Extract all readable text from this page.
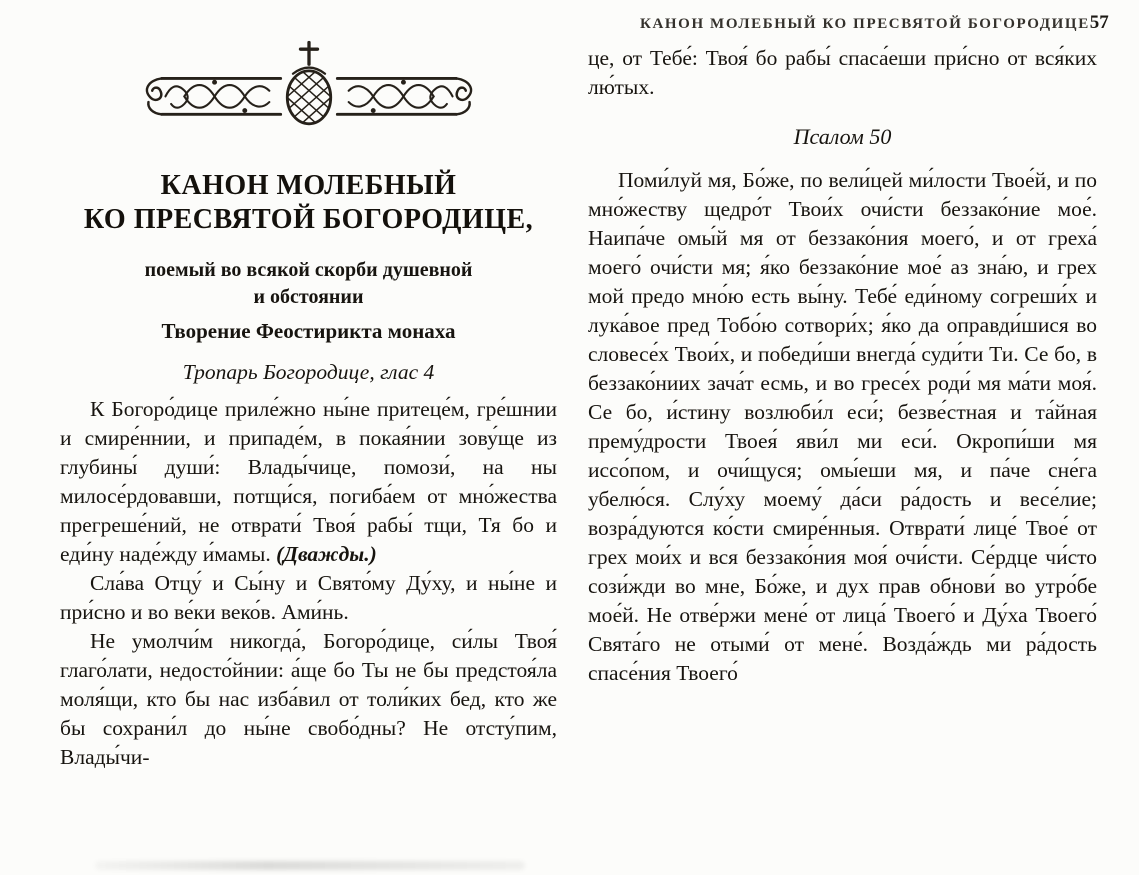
КАНОН МОЛЕБНЫЙ КО ПРЕСВЯТОЙ БОГОРОДИЦЕ 57
КАНОН МОЛЕБНЫЙ
КО ПРЕСВЯТОЙ БОГОРОДИЦЕ,
поемый во всякой скорби душевной
и обстоянии
Творение Феостирикта монаха
Тропарь Богородице, глас 4

К Богоро́дице приле́жно ны́не притеце́м, гре́шнии и смире́ннии, и припаде́м, в покая́нии зову́ще из глубины́ души́: Влады́чице, помози́, на ны милосе́рдовавши, потщи́ся, погиба́ем от мно́жества прегреше́ний, не отврати́ Твоя́ рабы́ тщи, Тя бо и еди́ну наде́жду и́мамы. (Дважды.)

Сла́ва Отцу́ и Сы́ну и Свято́му Ду́ху, и ны́не и при́сно и во ве́ки веко́в. Ами́нь.

Не умолчи́м никогда́, Богоро́дице, си́лы Твоя́ глаго́лати, недосто́йнии: а́ще бо Ты не бы предстоя́ла моля́щи, кто бы нас изба́вил от толи́ких бед, кто же бы сохрани́л до ны́не свобо́дны? Не отсту́пим, Влады́чи-

це, от Тебе́: Твоя́ бо рабы́ спаса́еши при́сно от вся́ких лю́тых.

Псалом 50

Поми́луй мя, Бо́же, по вели́цей ми́лости Твое́й, и по мно́жеству щедро́т Твои́х очи́сти беззако́ние мое́. Наипа́че омы́й мя от беззако́ния моего́, и от греха́ моего́ очи́сти мя; я́ко беззако́ние мое́ аз зна́ю, и грех мой предо мно́ю есть вы́ну. Тебе́ еди́ному согреши́х и лука́вое пред Тобо́ю сотвори́х; я́ко да оправди́шися во словесе́х Твои́х, и победи́ши внегда́ суди́ти Ти. Се бо, в беззако́ниих зача́т есмь, и во гресе́х роди́ мя ма́ти моя́. Се бо, и́стину возлюби́л еси́; безве́стная и та́йная прему́дрости Твоея́ яви́л ми еси́. Окропи́ши мя иссо́пом, и очи́щуся; омы́еши мя, и па́че сне́га убелю́ся. Слу́ху моему́ да́си ра́дость и весе́лие; возра́дуются ко́сти смире́нныя. Отврати́ лице́ Твое́ от грех мои́х и вся беззако́ния моя́ очи́сти. Се́рдце чи́сто сози́жди во мне, Бо́же, и дух прав обнови́ во утро́бе мое́й. Не отве́ржи мене́ от лица́ Твоего́ и Ду́ха Твоего́ Свята́го не отыми́ от мене́. Возда́ждь ми ра́дость спасе́ния Твоего́
